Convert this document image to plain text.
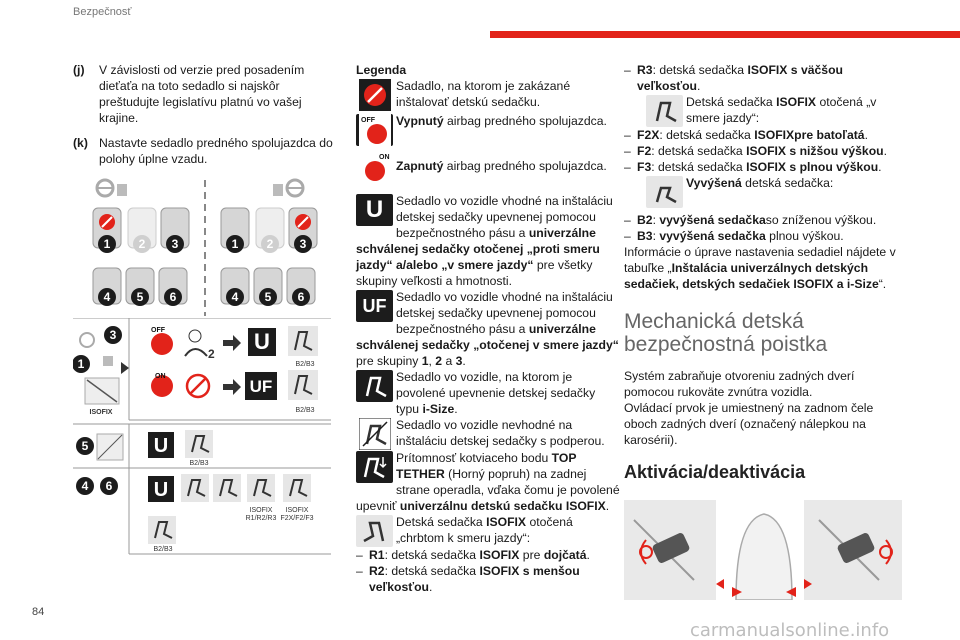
Bezpečnosť
(j)	V závislosti od verzie pred posadením dieťaťa na toto sedadlo si najskôr preštudujte legislatívu platnú vo vašej krajine.
(k) Nastavte sedadlo predného spolujazdca do polohy úplne vzadu.
1 2 3
4 5 6
1 2 3
4 5 6
3
1
ISOFIX
OFF
2 U
B2/B3
ON
UF
B2/B3
5	U
B2/B3
4 6 U
ISOFIX
R1/R2/R3
ISOFIX
F2X/F2/F3
B2/B3
Legenda
Sadadlo, na ktorom je zakázané inštalovať detskú sedačku.
OFF Vypnutý airbag predného spolujazdca.
ON
Zapnutý airbag predného spolujazdca.
U	Sedadlo vo vozidle vhodné na inštaláciu detskej sedačky upevnenej pomocou bezpečnostného pásu a univerzálne schválenej sedačky otočenej „proti smeru jazdy“ a/alebo „v smere jazdy“ pre všetky skupiny veľkosti a hmotnosti.
UF Sedadlo vo vozidle vhodné na inštaláciu detskej sedačky upevnenej pomocou bezpečnostného pásu a univerzálne schválenej sedačky „otočenej v smere jazdy“ pre skupiny 1, 2 a 3.
Sedadlo vo vozidle, na ktorom je povolené upevnenie detskej sedačky typu i-Size.
Sedadlo vo vozidle nevhodné na inštaláciu detskej sedačky s podperou.
Prítomnosť kotviaceho bodu TOP TETHER (Horný popruh) na zadnej strane operadla, vďaka čomu je povolené upevniť univerzálnu detskú sedačku ISOFIX.
Detská sedačka ISOFIX otočená „chrbtom k smeru jazdy“:
– R1: detská sedačka ISOFIX pre dojčatá.
– R2: detská sedačka ISOFIX s menšou veľkosťou.
– R3: detská sedačka ISOFIX s väčšou veľkosťou.
Detská sedačka ISOFIX otočená „v smere jazdy“:
– F2X: detská sedačka ISOFIXpre batoľatá.
– F2: detská sedačka ISOFIX s nižšou výškou.
– F3: detská sedačka ISOFIX s plnou výškou.
Vyvýšená detská sedačka:
– B2: vyvýšená sedačkaso zníženou výškou.
– B3: vyvýšená sedačka plnou výškou.
Informácie o úprave nastavenia sedadiel nájdete v tabuľke „Inštalácia univerzálnych detských sedačiek, detských sedačiek ISOFIX a i-Size“.
Mechanická detská bezpečnostná poistka
Systém zabraňuje otvoreniu zadných dverí pomocou rukoväte zvnútra vozidla.
Ovládací prvok je umiestnený na zadnom čele oboch zadných dverí (označený nálepkou na karosérii).
Aktivácia/deaktivácia
84
carmanualsonline.info
